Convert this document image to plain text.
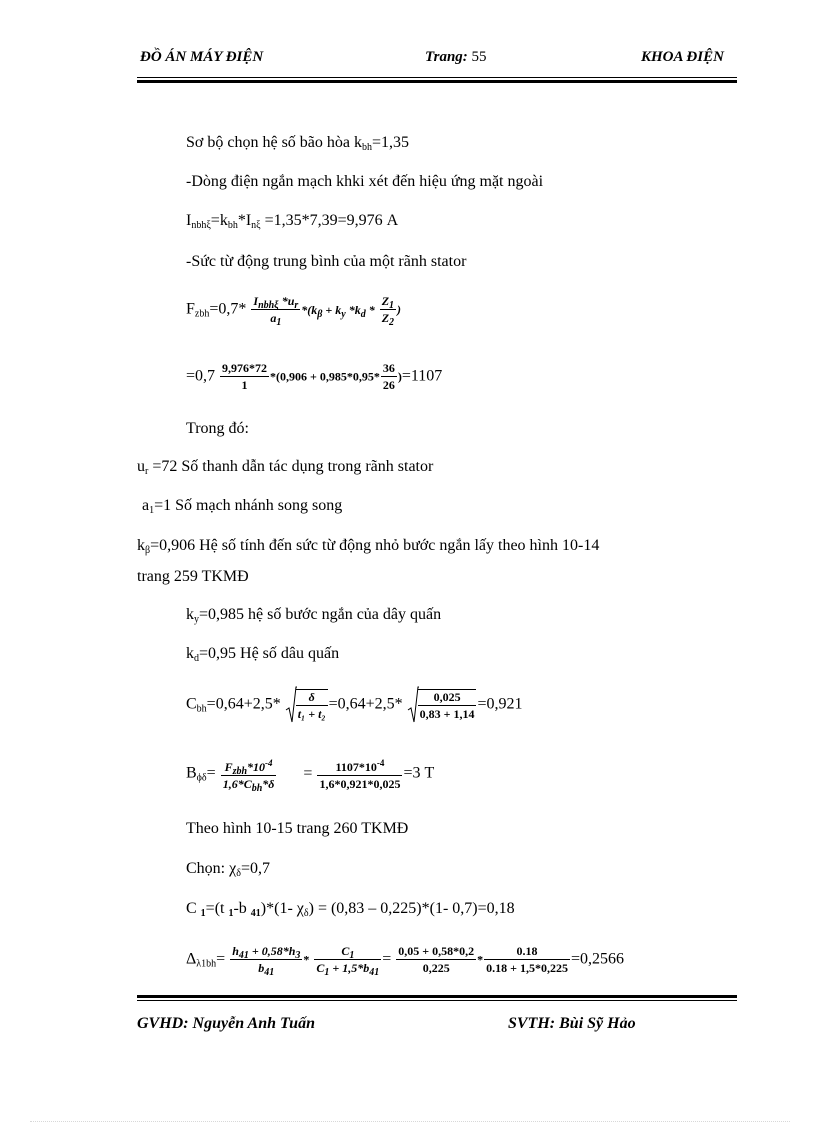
ĐỒ ÁN MÁY ĐIỆN	Trang: 55	KHOA ĐIỆN
Sơ bộ chọn hệ số bão hòa $k_{bh}=1,35$
-Dòng điện ngắn mạch khki xét đến hiệu ứng mặt ngoài
$I_{nbh\xi}=k_{bh}*I_{n\xi} =1,35*7,39=9,976$ A
-Sức từ động trung bình của một rãnh stator
$F_{zbh}=0,7* \frac{I_{nbh\xi} *u_r}{a_1} *(k_\beta + k_y$ $*k_d * \frac{Z_1}{Z_2}$ )
$=0,7 \frac{9,976*72}{1} *(0,906 + 0,985*0,95* \frac{36}{26} )=1107$
Trong đó:
$u_r =72$ Số thanh dẫn tác dụng trong rãnh stator
$a_1=1$ Số mạch nhánh song song
$k_\beta=0,906$ Hệ số tính đến sức từ động nhỏ bước ngắn lấy theo hình 10-14
trang 259 TKMĐ
$k_y=0,985$ hệ số bước ngắn của dây quấn
$k_d=0,95$ Hệ số dâu quấn
$C_{bh}=0,64+2,5* \frac{\delta}{\text{t₁ + t₂}} =0,64+2,5* \frac{0,025}{0,83 + 1,14} =0,921$
$B_{\phi\delta}= \frac{F_{zbh}*10^{-4}}{1,6*C_{bh}*\delta} = \frac{1107*10^{-4}}{1,6*0,921*0,025} =3$ T
Theo hình 10-15 trang 260 TKMĐ
Chọn: $\chi_\delta=0,7$
C $_1$=(t $_1$-b $_{41}$)*(1- $\chi_\delta) = (0,83 - 0,225)*(1-$ 0,7)=0,18
$\Delta_{\lambda 1bh}= \frac{h_{41} + 0,58*h_3}{b_{41}} * \frac{C_1}{C_1 + 1,5*b_{41}} = \frac{0,05 + 0,58*0,2}{0,225} * \frac{0.18}{0.18 + 1,5*0,225} =0,2566$
GVHD: Nguyễn Anh Tuấn	SVTH: Bùi Sỹ Hảo
